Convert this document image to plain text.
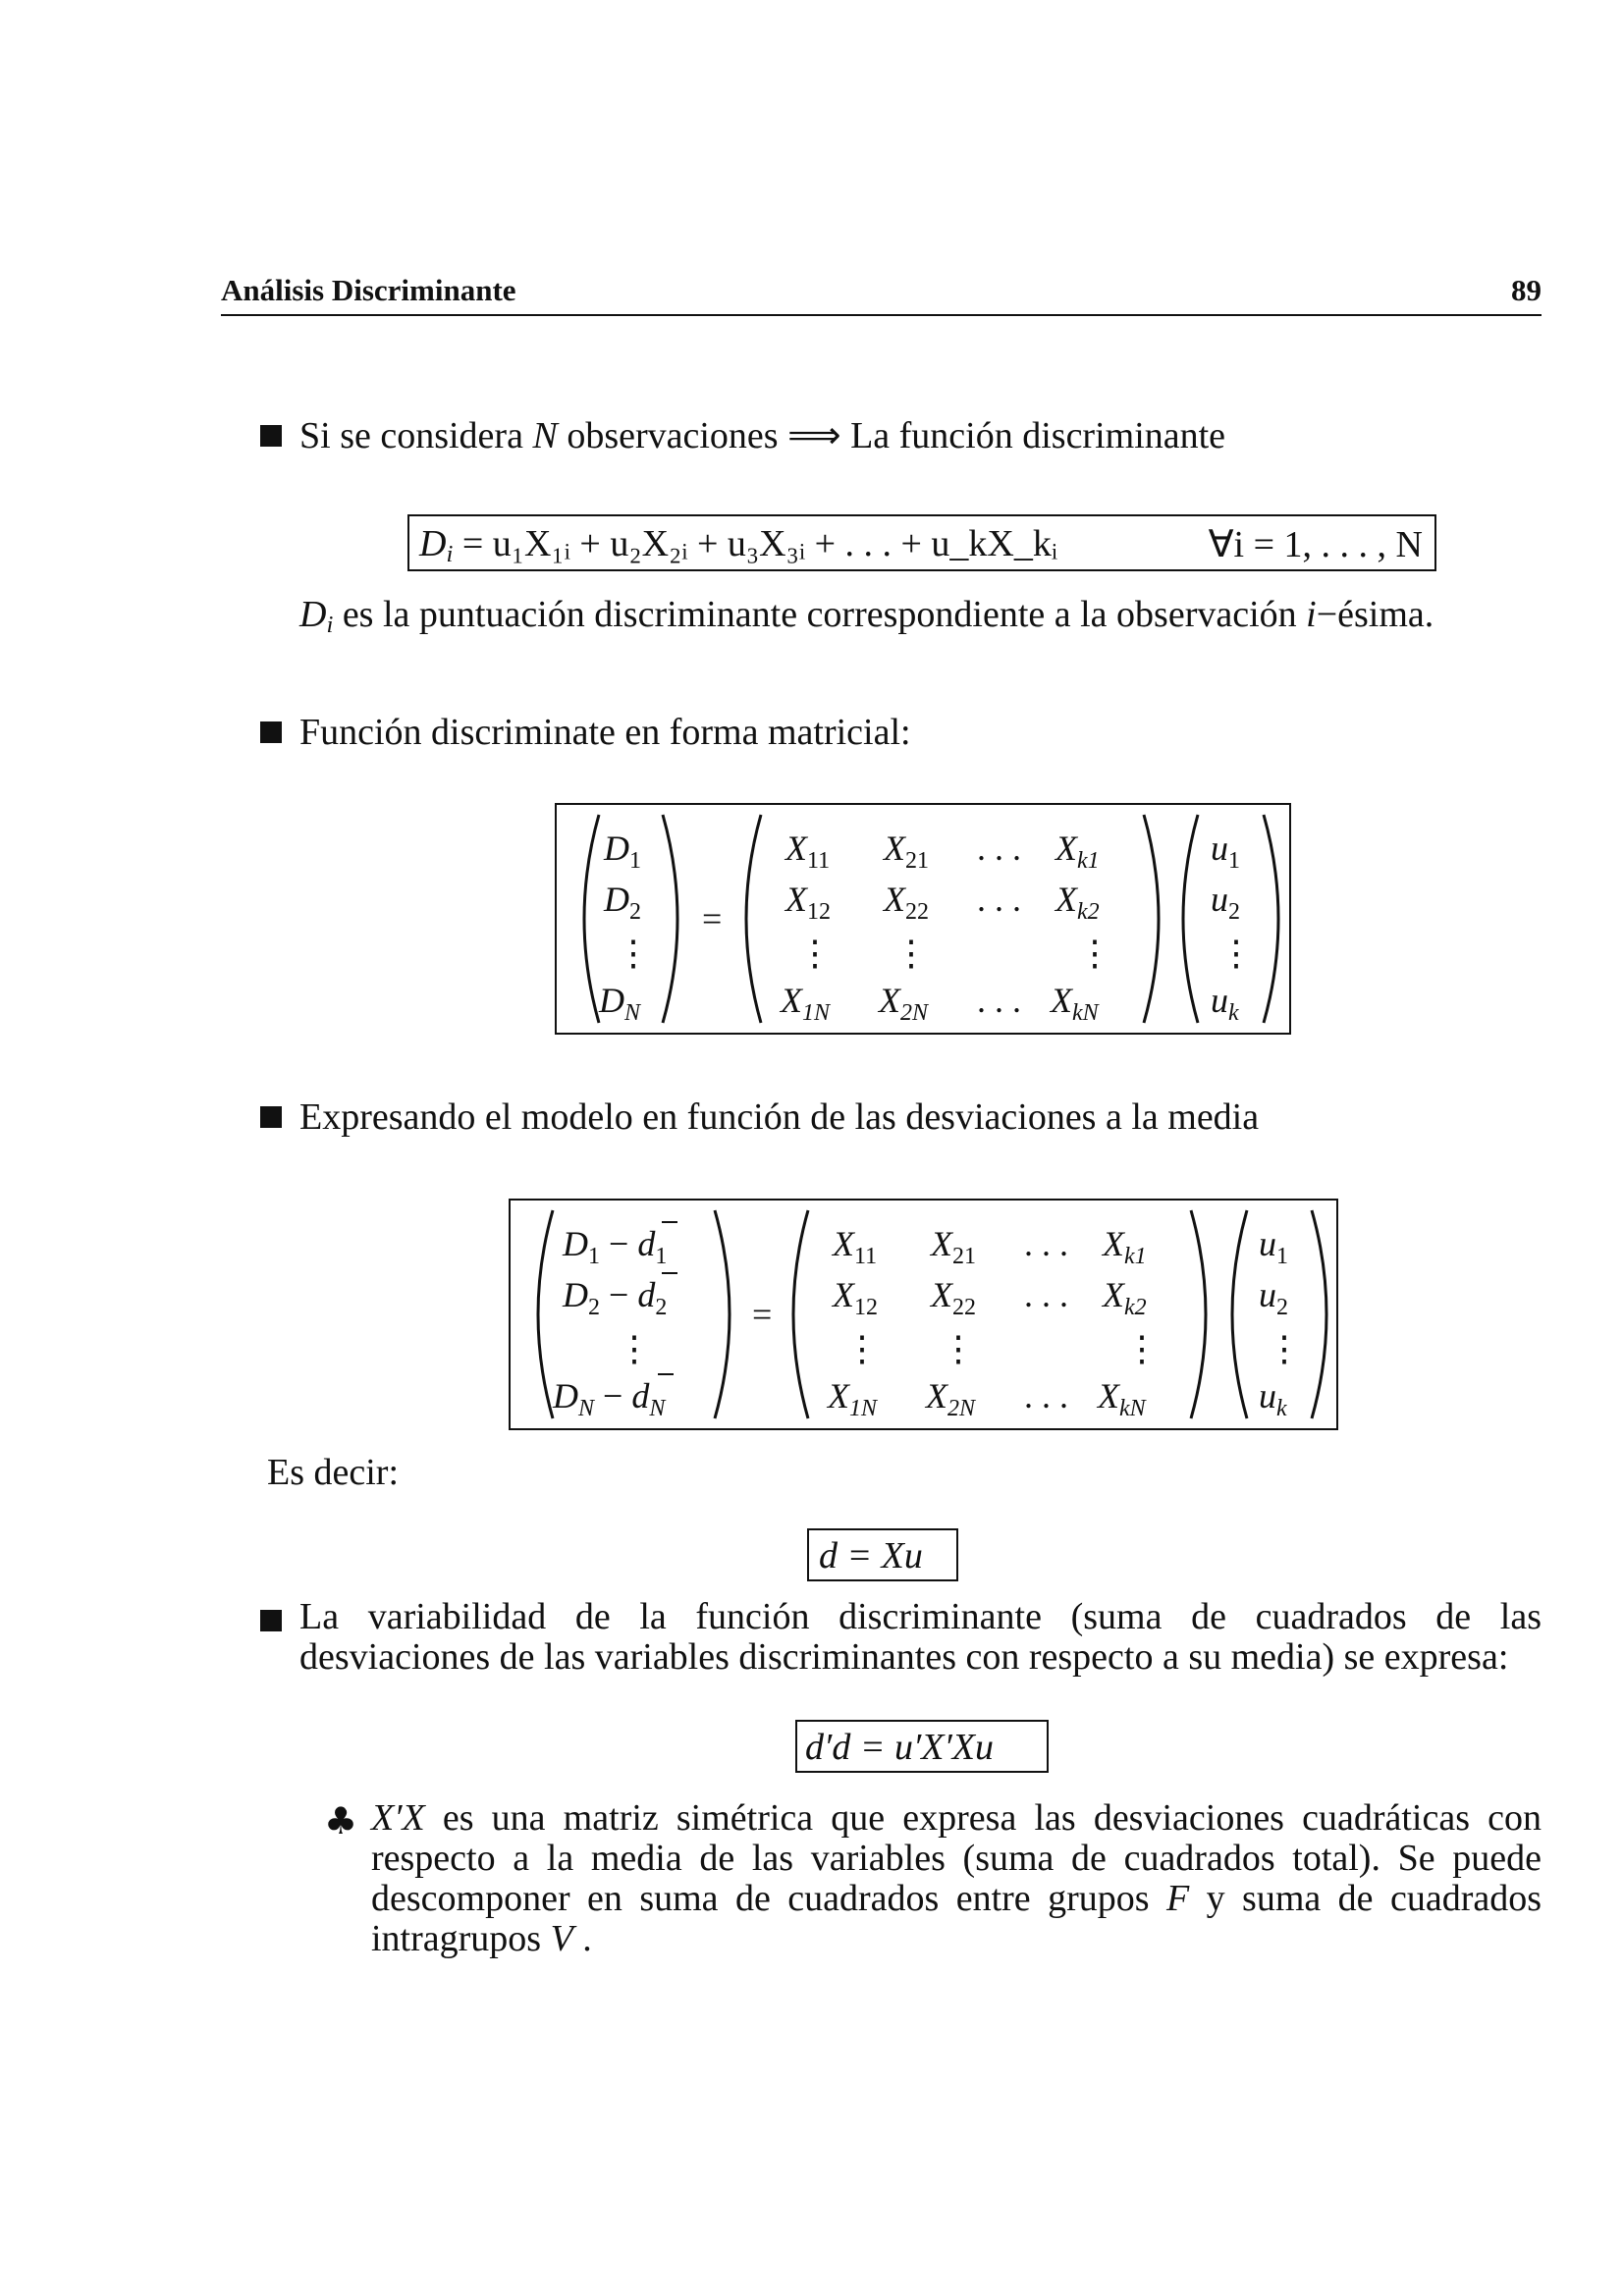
Análisis Discriminante	89
Si se considera N observaciones ⟹ La función discriminante
$D_i$ = u₁X₁ᵢ + u₂X₂ᵢ + u₃X₃ᵢ + . . . + u_kX_kᵢ	∀i = 1, . . . , N
$D_i$ es la puntuación discriminante correspondiente a la observación i−ésima.
Función discriminate en forma matricial:
$D_1$
$D_2$
⋮
$D_N$
=
$X_{11}$ $X_{21}$ . . . $X_{k1}$
$X_{12}$ $X_{22}$ . . . $X_{k2}$
⋮ ⋮	⋮
$X_{1N}$ $X_{2N}$ . . . $X_{kN}$
$u_1$
$u_2$
⋮
$u_k$
Expresando el modelo en función de las desviaciones a la media
$D_1 - d_1$
$D_2 - d_2$
⋮
$D_N - d_N$
=
$X_{11}$ $X_{21}$ . . . $X_{k1}$
$X_{12}$ $X_{22}$ . . . $X_{k2}$
⋮ ⋮	⋮
$X_{1N}$ $X_{2N}$ . . . $X_{kN}$
$u_1$
$u_2$
⋮
$u_k$
Es decir:
d = Xu
La variabilidad de la función discriminante (suma de cuadrados de las desviaciones de las variables discriminantes con respecto a su media) se expresa:
d′d = u′X′Xu
♣ X′X es una matriz simétrica que expresa las desviaciones cuadráticas con respecto a la media de las variables (suma de cuadrados total). Se puede descomponer en suma de cuadrados entre grupos F y suma de cuadrados intragrupos V .
